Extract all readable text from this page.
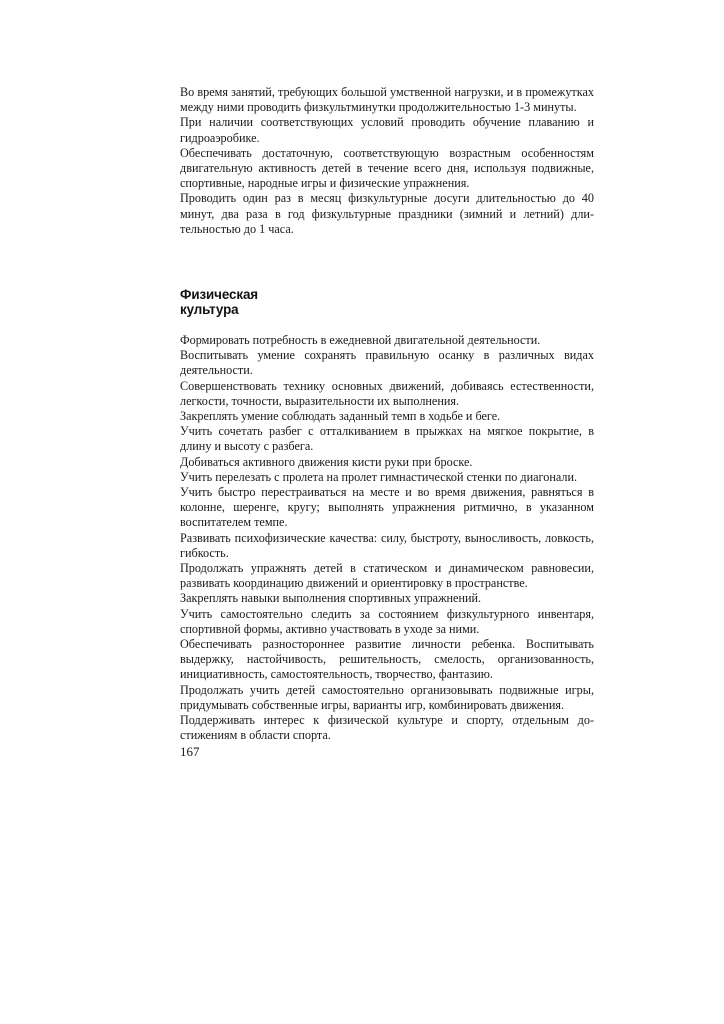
Во время занятий, требующих большой умственной нагрузки, и в промежутках между ними проводить физкультминутки продолжительностью 1-3 минуты.

При наличии соответствующих условий проводить обучение плаванию и гидроаэробике.

Обеспечивать достаточную, соответствующую возрастным особенностям двигательную активность детей в течение всего дня, используя подвижные, спортивные, народные игры и физические упражнения.

Проводить один раз в месяц физкультурные досуги длительностью до 40 минут, два раза в год физкультурные праздники (зимний и летний) длительностью до 1 часа.

Физическая
культура

Формировать потребность в ежедневной двигательной деятельности.

Воспитывать умение сохранять правильную осанку в различных видах деятельности.

Совершенствовать технику основных движений, добиваясь естественности, легкости, точности, выразительности их выполнения.

Закреплять умение соблюдать заданный темп в ходьбе и беге.

Учить сочетать разбег с отталкиванием в прыжках на мягкое покрытие, в длину и высоту с разбега.

Добиваться активного движения кисти руки при броске.

Учить перелезать с пролета на пролет гимнастической стенки по диагонали.

Учить быстро перестраиваться на месте и во время движения, равняться в колонне, шеренге, кругу; выполнять упражнения ритмично, в указанном воспитателем темпе.

Развивать психофизические качества: силу, быстроту, выносливость, ловкость, гибкость.

Продолжать упражнять детей в статическом и динамическом равновесии, развивать координацию движений и ориентировку в пространстве.

Закреплять навыки выполнения спортивных упражнений.

Учить самостоятельно следить за состоянием физкультурного инвентаря, спортивной формы, активно участвовать в уходе за ними.

Обеспечивать разностороннее развитие личности ребенка. Воспитывать выдержку, настойчивость, решительность, смелость, организованность, инициативность, самостоятельность, творчество, фантазию.

Продолжать учить детей самостоятельно организовывать подвижные игры, придумывать собственные игры, варианты игр, комбинировать движения.

Поддерживать интерес к физической культуре и спорту, отдельным достижениям в области спорта.

167
